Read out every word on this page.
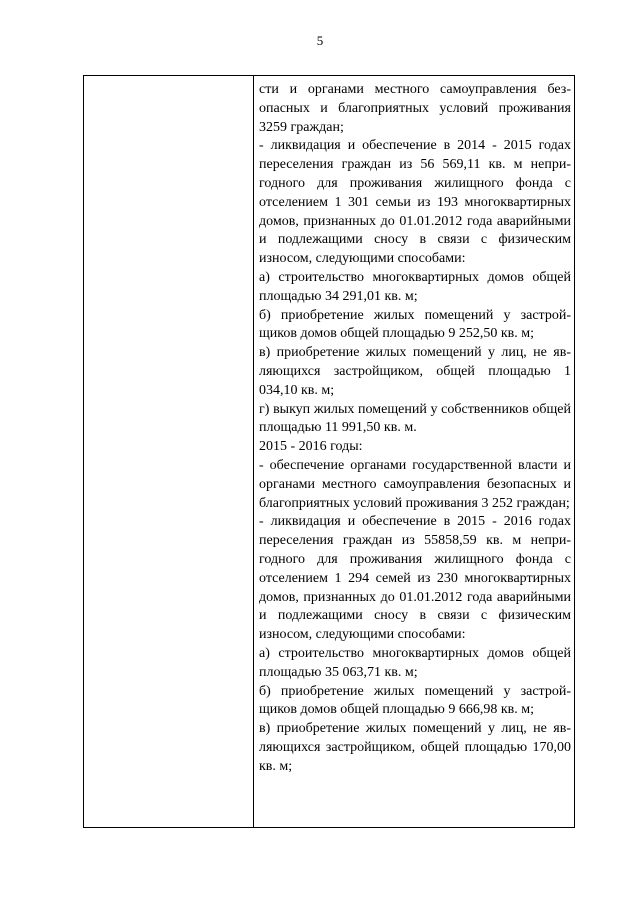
5

сти и органами местного самоуправления безопасных и благоприятных условий проживания 3259 граждан;

- ликвидация и обеспечение в 2014 - 2015 годах переселения граждан из 56 569,11 кв. м непригодного для проживания жилищного фонда с отселением 1 301 семьи из 193 многоквартирных домов, признанных до 01.01.2012 года аварийными и подлежащими сносу в связи с физическим износом, следующими способами:

а) строительство многоквартирных домов общей площадью 34 291,01 кв. м;

б) приобретение жилых помещений у застройщиков домов общей площадью 9 252,50 кв. м;

в) приобретение жилых помещений у лиц, не являющихся застройщиком, общей площадью 1 034,10 кв. м;

г) выкуп жилых помещений у собственников общей площадью 11 991,50 кв. м.

2015 - 2016 годы:

- обеспечение органами государственной власти и органами местного самоуправления безопасных и благоприятных условий проживания 3 252 граждан;

- ликвидация и обеспечение в 2015 - 2016 годах переселения граждан из 55858,59 кв. м непригодного для проживания жилищного фонда с отселением 1 294 семей из 230 многоквартирных домов, признанных до 01.01.2012 года аварийными и подлежащими сносу в связи с физическим износом, следующими способами:

а) строительство многоквартирных домов общей площадью 35 063,71 кв. м;

б) приобретение жилых помещений у застройщиков домов общей площадью 9 666,98 кв. м;

в) приобретение жилых помещений у лиц, не являющихся застройщиком, общей площадью 170,00 кв. м;
